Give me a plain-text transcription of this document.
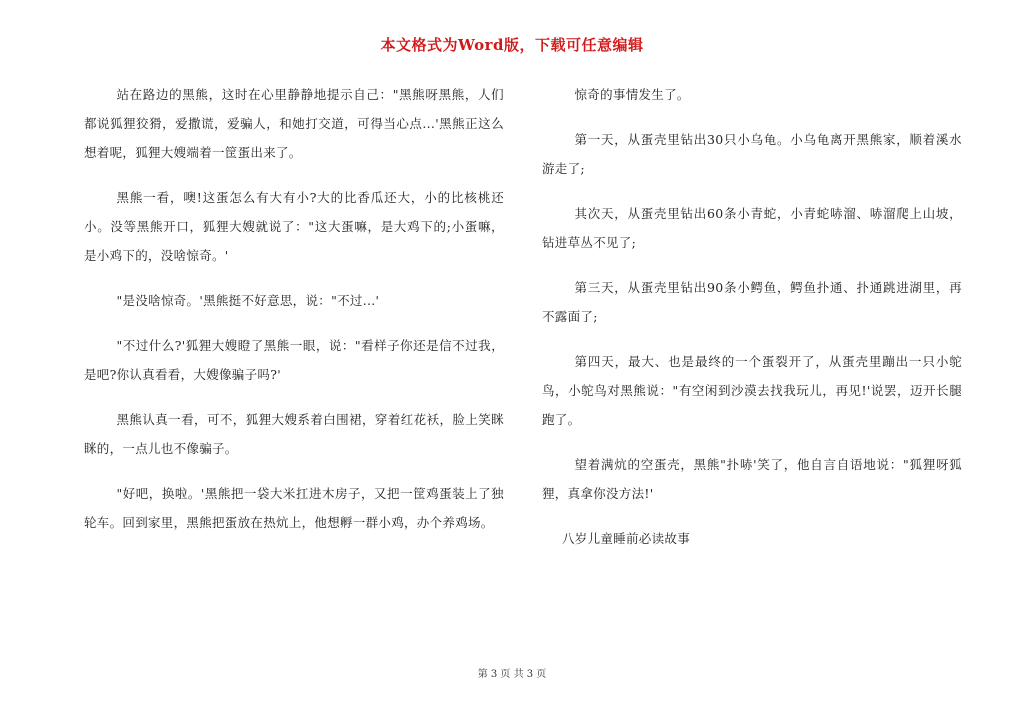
本文格式为Word版，下载可任意编辑

站在路边的黑熊，这时在心里静静地提示自己："黑熊呀黑熊，人们都说狐狸狡猾，爱撒谎，爱骗人，和她打交道，可得当心点...'黑熊正这么想着呢，狐狸大嫂端着一筐蛋出来了。

黑熊一看，噢!这蛋怎么有大有小?大的比香瓜还大，小的比核桃还小。没等黑熊开口，狐狸大嫂就说了："这大蛋嘛，是大鸡下的;小蛋嘛，是小鸡下的，没啥惊奇。'

"是没啥惊奇。'黑熊挺不好意思，说："不过...'

"不过什么?'狐狸大嫂瞪了黑熊一眼，说："看样子你还是信不过我，是吧?你认真看看，大嫂像骗子吗?'

黑熊认真一看，可不，狐狸大嫂系着白围裙，穿着红花袄，脸上笑眯眯的，一点儿也不像骗子。

"好吧，换啦。'黑熊把一袋大米扛进木房子，又把一筐鸡蛋装上了独轮车。回到家里，黑熊把蛋放在热炕上，他想孵一群小鸡，办个养鸡场。

惊奇的事情发生了。

第一天，从蛋壳里钻出30只小乌龟。小乌龟离开黑熊家，顺着溪水游走了;

其次天，从蛋壳里钻出60条小青蛇，小青蛇哧溜、哧溜爬上山坡，钻进草丛不见了;

第三天，从蛋壳里钻出90条小鳄鱼，鳄鱼扑通、扑通跳进湖里，再不露面了;

第四天，最大、也是最终的一个蛋裂开了，从蛋壳里蹦出一只小鸵鸟，小鸵鸟对黑熊说："有空闲到沙漠去找我玩儿，再见!'说罢，迈开长腿跑了。

望着满炕的空蛋壳，黑熊"扑哧'笑了，他自言自语地说："狐狸呀狐狸，真拿你没方法!'

八岁儿童睡前必读故事

第 3 页 共 3 页
